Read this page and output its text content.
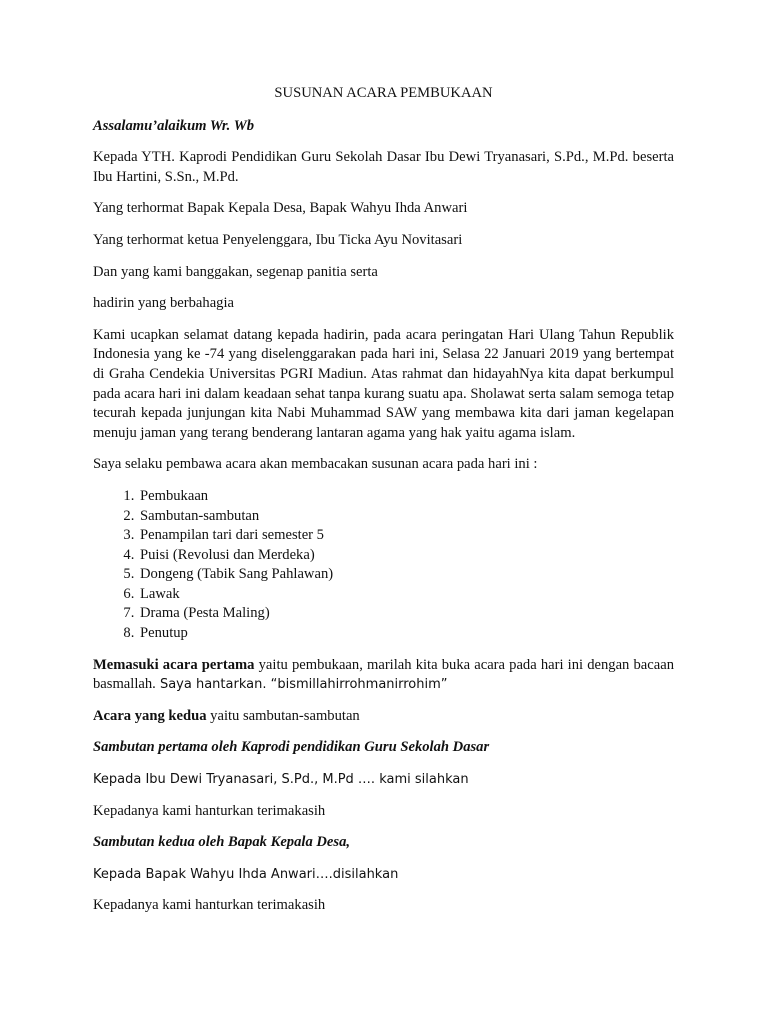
SUSUNAN ACARA PEMBUKAAN

Assalamu’alaikum Wr. Wb

Kepada YTH. Kaprodi Pendidikan Guru Sekolah Dasar Ibu Dewi Tryanasari, S.Pd., M.Pd. beserta Ibu Hartini, S.Sn., M.Pd.

Yang terhormat Bapak Kepala Desa, Bapak Wahyu Ihda Anwari

Yang terhormat ketua Penyelenggara, Ibu Ticka Ayu Novitasari

Dan yang kami banggakan, segenap panitia serta

hadirin yang berbahagia

Kami ucapkan selamat datang kepada hadirin, pada acara peringatan Hari Ulang Tahun Republik Indonesia yang ke -74 yang diselenggarakan pada hari ini, Selasa 22 Januari 2019 yang bertempat di Graha Cendekia Universitas PGRI Madiun. Atas rahmat dan hidayahNya kita dapat berkumpul pada acara hari ini dalam keadaan sehat tanpa kurang suatu apa. Sholawat serta salam semoga tetap tecurah kepada junjungan kita Nabi Muhammad SAW yang membawa kita dari jaman kegelapan menuju jaman yang terang benderang lantaran agama yang hak yaitu agama islam.

Saya selaku pembawa acara akan membacakan susunan acara pada hari ini :

1. Pembukaan
2. Sambutan-sambutan
3. Penampilan tari dari semester 5
4. Puisi (Revolusi dan Merdeka)
5. Dongeng (Tabik Sang Pahlawan)
6. Lawak
7. Drama (Pesta Maling)
8. Penutup

Memasuki acara pertama yaitu pembukaan, marilah kita buka acara pada hari ini dengan bacaan basmallah. Saya hantarkan. “bismillahirrohmanirrohim”

Acara yang kedua yaitu sambutan-sambutan

Sambutan pertama oleh Kaprodi pendidikan Guru Sekolah Dasar

Kepada Ibu Dewi Tryanasari, S.Pd., M.Pd …. kami silahkan

Kepadanya kami hanturkan terimakasih

Sambutan kedua oleh Bapak Kepala Desa,

Kepada Bapak Wahyu Ihda Anwari….disilahkan

Kepadanya kami hanturkan terimakasih
